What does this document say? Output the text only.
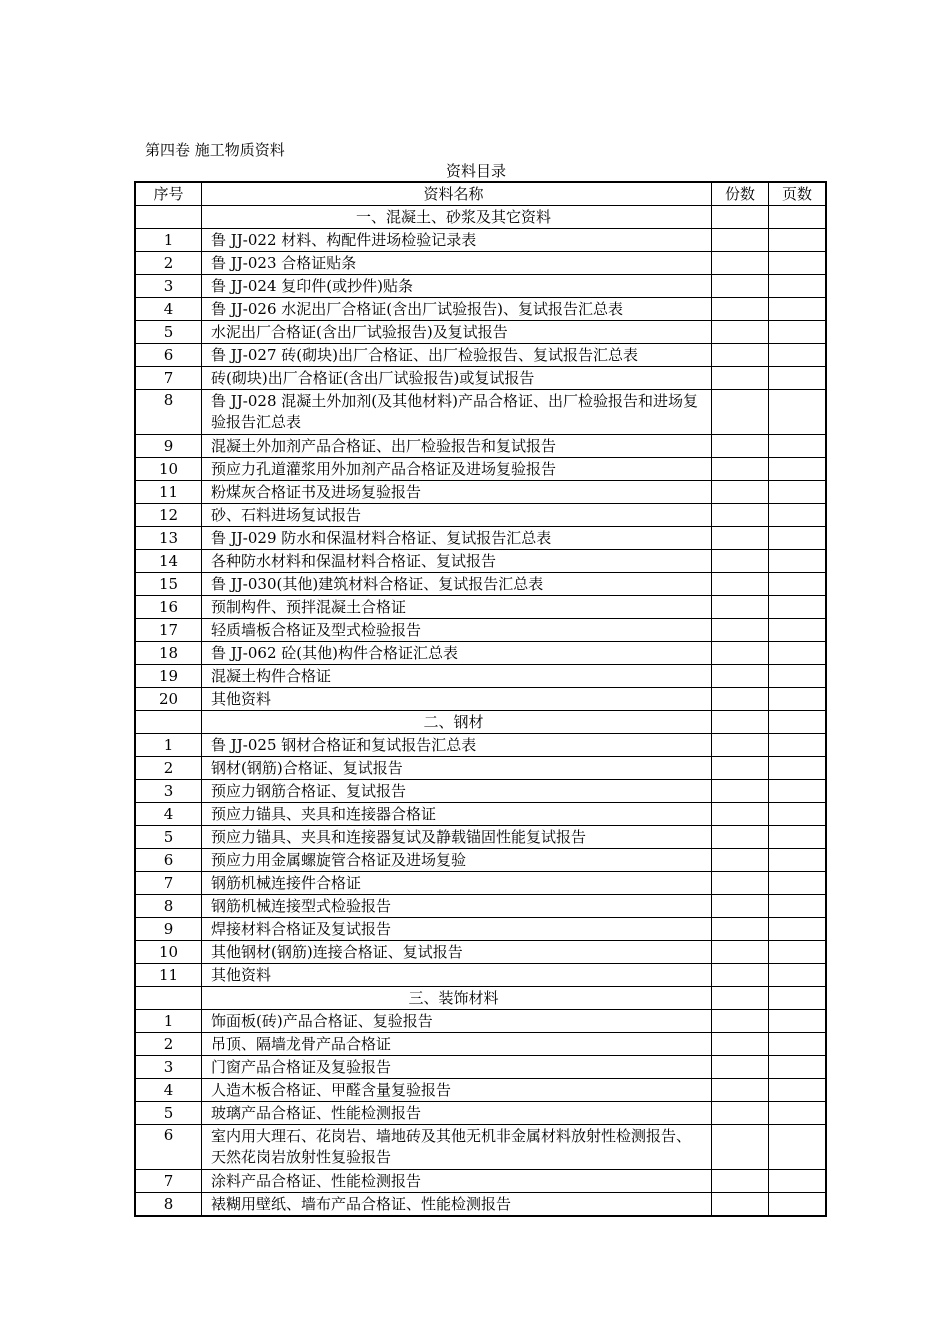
第四卷 施工物质资料
资料目录
序号	资料名称	份数	页数
	一、混凝土、砂浆及其它资料		
1	鲁 JJ-022 材料、构配件进场检验记录表		
2	鲁 JJ-023 合格证贴条		
3	鲁 JJ-024 复印件(或抄件)贴条		
4	鲁 JJ-026 水泥出厂合格证(含出厂试验报告)、复试报告汇总表		
5	水泥出厂合格证(含出厂试验报告)及复试报告		
6	鲁 JJ-027 砖(砌块)出厂合格证、出厂检验报告、复试报告汇总表		
7	砖(砌块)出厂合格证(含出厂试验报告)或复试报告		
8	鲁 JJ-028 混凝土外加剂(及其他材料)产品合格证、出厂检验报告和进场复验报告汇总表		
9	混凝土外加剂产品合格证、出厂检验报告和复试报告		
10	预应力孔道灌浆用外加剂产品合格证及进场复验报告		
11	粉煤灰合格证书及进场复验报告		
12	砂、石料进场复试报告		
13	鲁 JJ-029 防水和保温材料合格证、复试报告汇总表		
14	各种防水材料和保温材料合格证、复试报告		
15	鲁 JJ-030(其他)建筑材料合格证、复试报告汇总表		
16	预制构件、预拌混凝土合格证		
17	轻质墙板合格证及型式检验报告		
18	鲁 JJ-062 砼(其他)构件合格证汇总表		
19	混凝土构件合格证		
20	其他资料		
	二、钢材		
1	鲁 JJ-025 钢材合格证和复试报告汇总表		
2	钢材(钢筋)合格证、复试报告		
3	预应力钢筋合格证、复试报告		
4	预应力锚具、夹具和连接器合格证		
5	预应力锚具、夹具和连接器复试及静载锚固性能复试报告		
6	预应力用金属螺旋管合格证及进场复验		
7	钢筋机械连接件合格证		
8	钢筋机械连接型式检验报告		
9	焊接材料合格证及复试报告		
10	其他钢材(钢筋)连接合格证、复试报告		
11	其他资料		
	三、装饰材料		
1	饰面板(砖)产品合格证、复验报告		
2	吊顶、隔墙龙骨产品合格证		
3	门窗产品合格证及复验报告		
4	人造木板合格证、甲醛含量复验报告		
5	玻璃产品合格证、性能检测报告		
6	室内用大理石、花岗岩、墙地砖及其他无机非金属材料放射性检测报告、天然花岗岩放射性复验报告		
7	涂料产品合格证、性能检测报告		
8	裱糊用壁纸、墙布产品合格证、性能检测报告		
